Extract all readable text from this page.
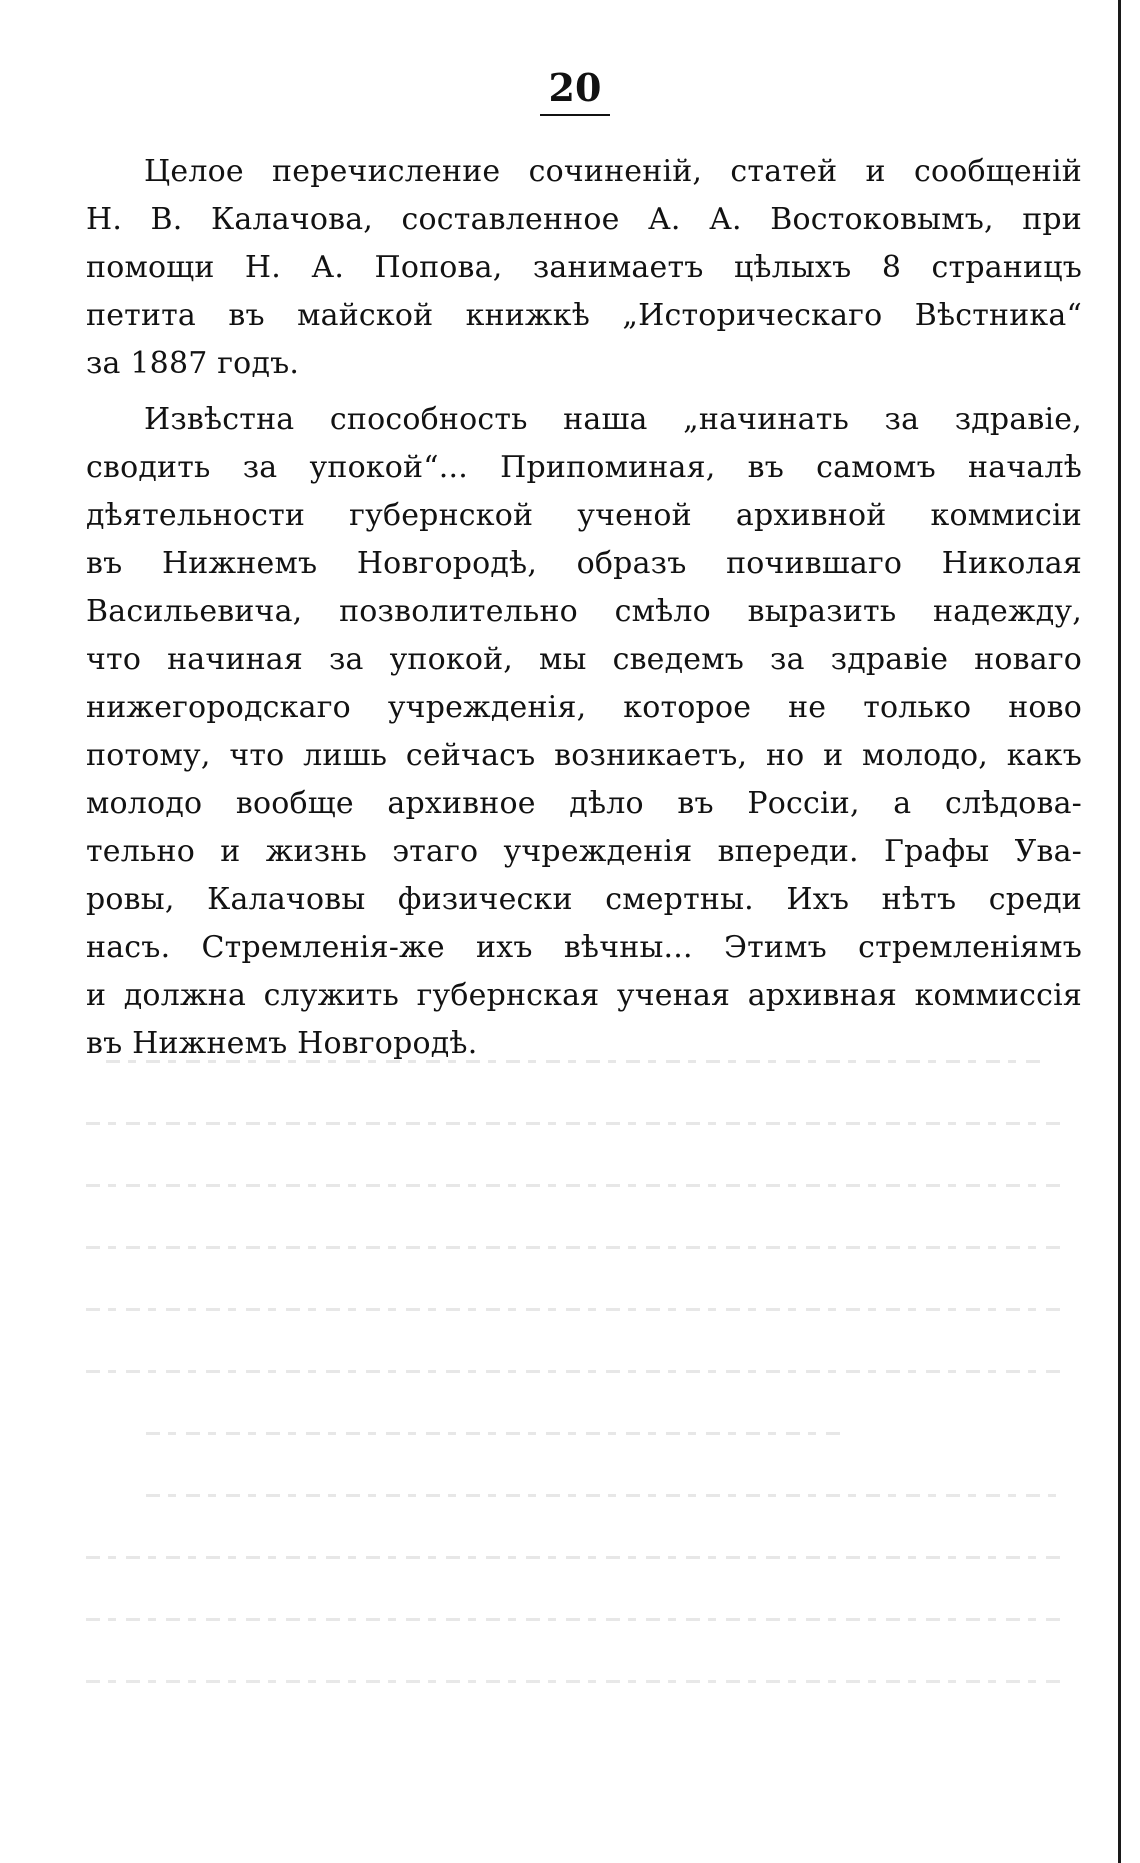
20
Целое перечисление сочиненій, статей и сообщеній
Н. В. Калачова, составленное А. А. Востоковымъ, при
помощи Н. А. Попова, занимаетъ цѣлыхъ 8 страницъ
петита въ майской книжкѣ „Историческаго Вѣстника“
за 1887 годъ.
Извѣстна способность наша „начинать за здравіе,
сводить за упокой“... Припоминая, въ самомъ началѣ
дѣятельности губернской ученой архивной коммисіи
въ Нижнемъ Новгородѣ, образъ почившаго Николая
Васильевича, позволительно смѣло выразить надежду,
что начиная за упокой, мы сведемъ за здравіе новаго
нижегородскаго учрежденія, которое не только ново
потому, что лишь сейчасъ возникаетъ, но и молодо, какъ
молодо вообще архивное дѣло въ Россіи, а слѣдова-
тельно и жизнь этаго учрежденія впереди. Графы Ува-
ровы, Калачовы физически смертны. Ихъ нѣтъ среди
насъ. Стремленія-же ихъ вѣчны... Этимъ стремленіямъ
и должна служить губернская ученая архивная коммиссія
въ Нижнемъ Новгородѣ.
